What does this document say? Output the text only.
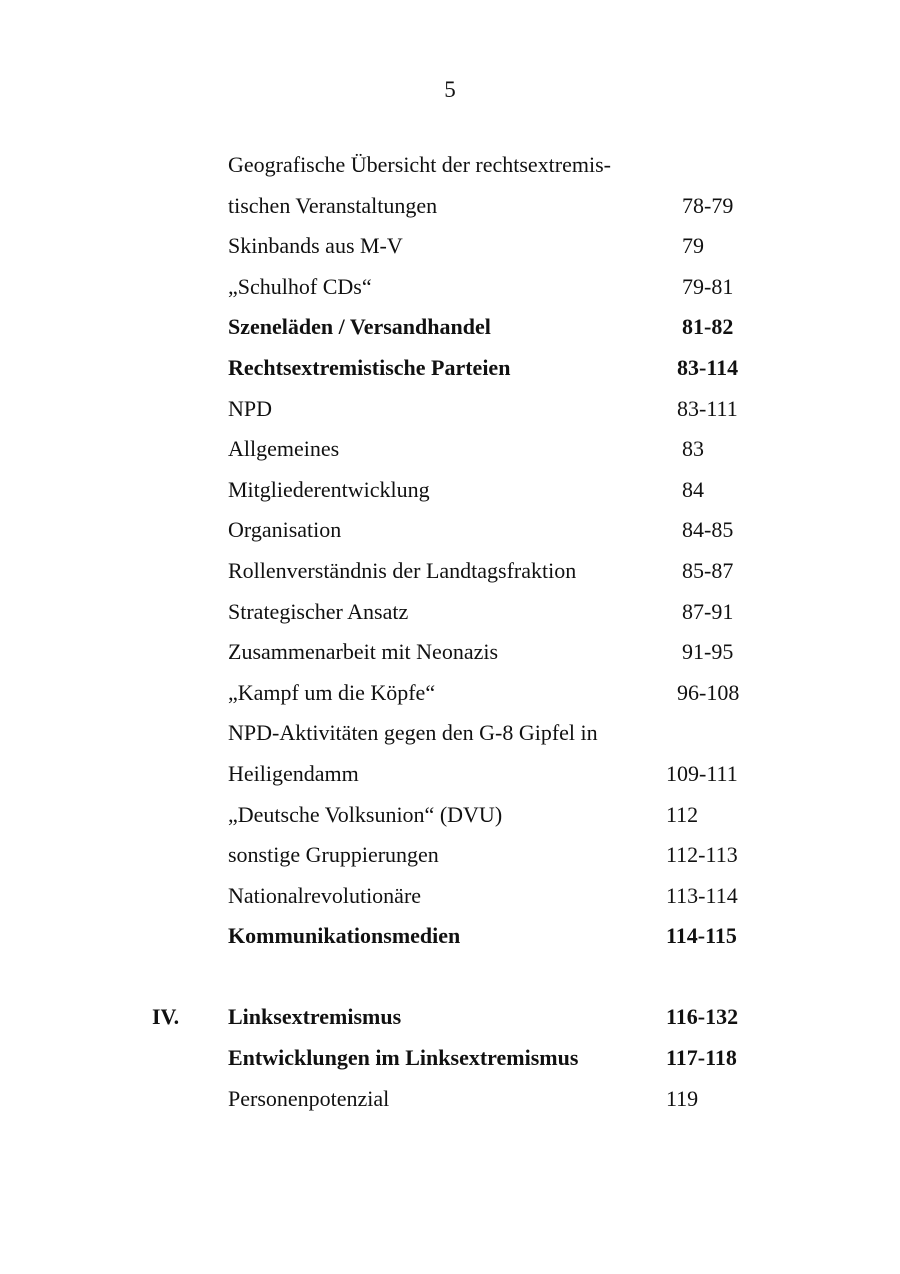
5
Geografische Übersicht der rechtsextremis-
tischen Veranstaltungen	78-79
Skinbands aus M-V	79
„Schulhof CDs“	79-81
Szeneläden / Versandhandel	81-82
Rechtsextremistische Parteien	83-114
NPD	83-111
Allgemeines	83
Mitgliederentwicklung	84
Organisation	84-85
Rollenverständnis der Landtagsfraktion	85-87
Strategischer Ansatz	87-91
Zusammenarbeit mit Neonazis	91-95
„Kampf um die Köpfe“	96-108
NPD-Aktivitäten gegen den G-8 Gipfel in
Heiligendamm	109-111
„Deutsche Volksunion“ (DVU)	112
sonstige Gruppierungen	112-113
Nationalrevolutionäre	113-114
Kommunikationsmedien	114-115
IV. Linksextremismus	116-132
Entwicklungen im Linksextremismus	117-118
Personenpotenzial	119
